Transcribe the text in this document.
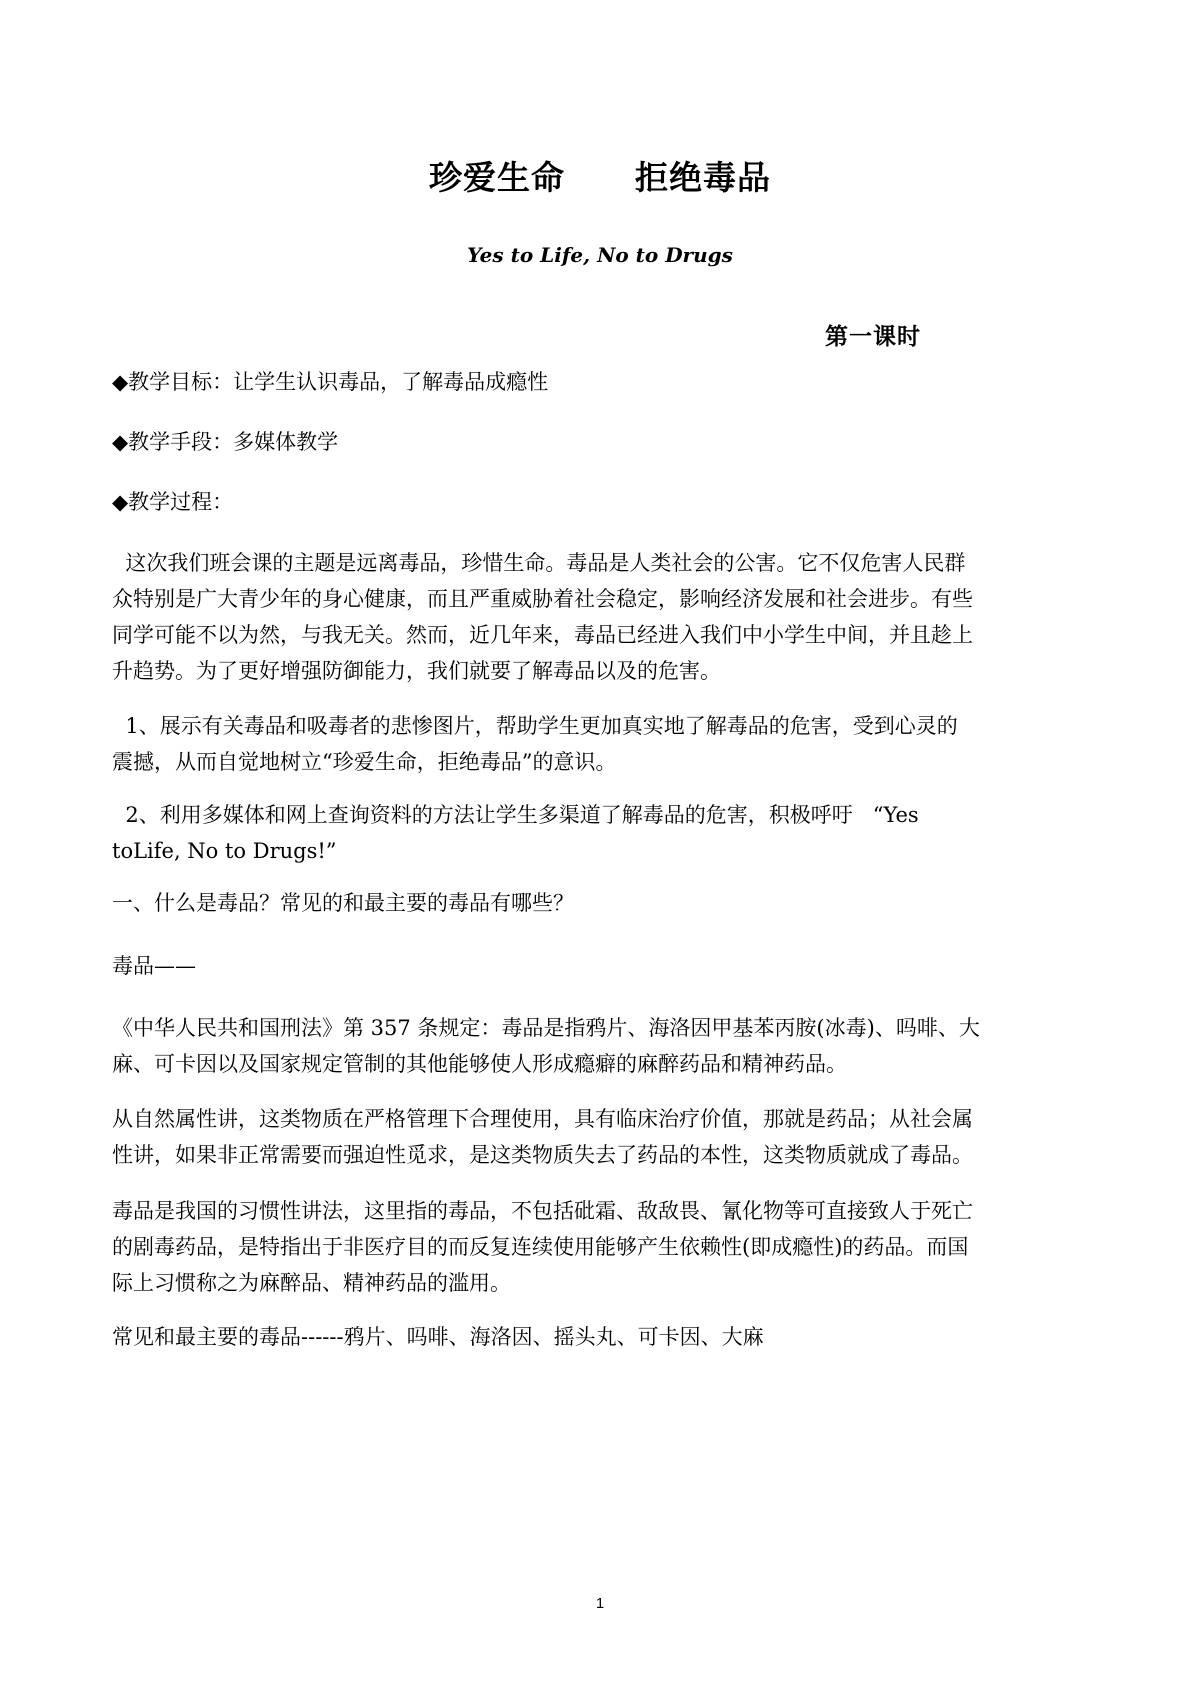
珍爱生命 拒绝毒品
Yes to Life, No to Drugs
第一课时
◆教学目标：让学生认识毒品，了解毒品成瘾性
◆教学手段：多媒体教学
◆教学过程：
这次我们班会课的主题是远离毒品，珍惜生命。毒品是人类社会的公害。它不仅危害人民群
众特别是广大青少年的身心健康，而且严重威胁着社会稳定，影响经济发展和社会进步。有些
同学可能不以为然，与我无关。然而，近几年来，毒品已经进入我们中小学生中间，并且趁上
升趋势。为了更好增强防御能力，我们就要了解毒品以及的危害。
1、展示有关毒品和吸毒者的悲惨图片，帮助学生更加真实地了解毒品的危害，受到心灵的
震撼，从而自觉地树立“珍爱生命，拒绝毒品”的意识。
2、利用多媒体和网上查询资料的方法让学生多渠道了解毒品的危害，积极呼吁   “Yes
toLife, No to Drugs!”
一、什么是毒品？常见的和最主要的毒品有哪些？
毒品——
《中华人民共和国刑法》第 357 条规定：毒品是指鸦片、海洛因甲基苯丙胺(冰毒)、吗啡、大
麻、可卡因以及国家规定管制的其他能够使人形成瘾癖的麻醉药品和精神药品。
从自然属性讲，这类物质在严格管理下合理使用，具有临床治疗价值，那就是药品；从社会属
性讲，如果非正常需要而强迫性觅求，是这类物质失去了药品的本性，这类物质就成了毒品。
毒品是我国的习惯性讲法，这里指的毒品，不包括砒霜、敌敌畏、氰化物等可直接致人于死亡
的剧毒药品，是特指出于非医疗目的而反复连续使用能够产生依赖性(即成瘾性)的药品。而国
际上习惯称之为麻醉品、精神药品的滥用。
常见和最主要的毒品------鸦片、吗啡、海洛因、摇头丸、可卡因、大麻
1
